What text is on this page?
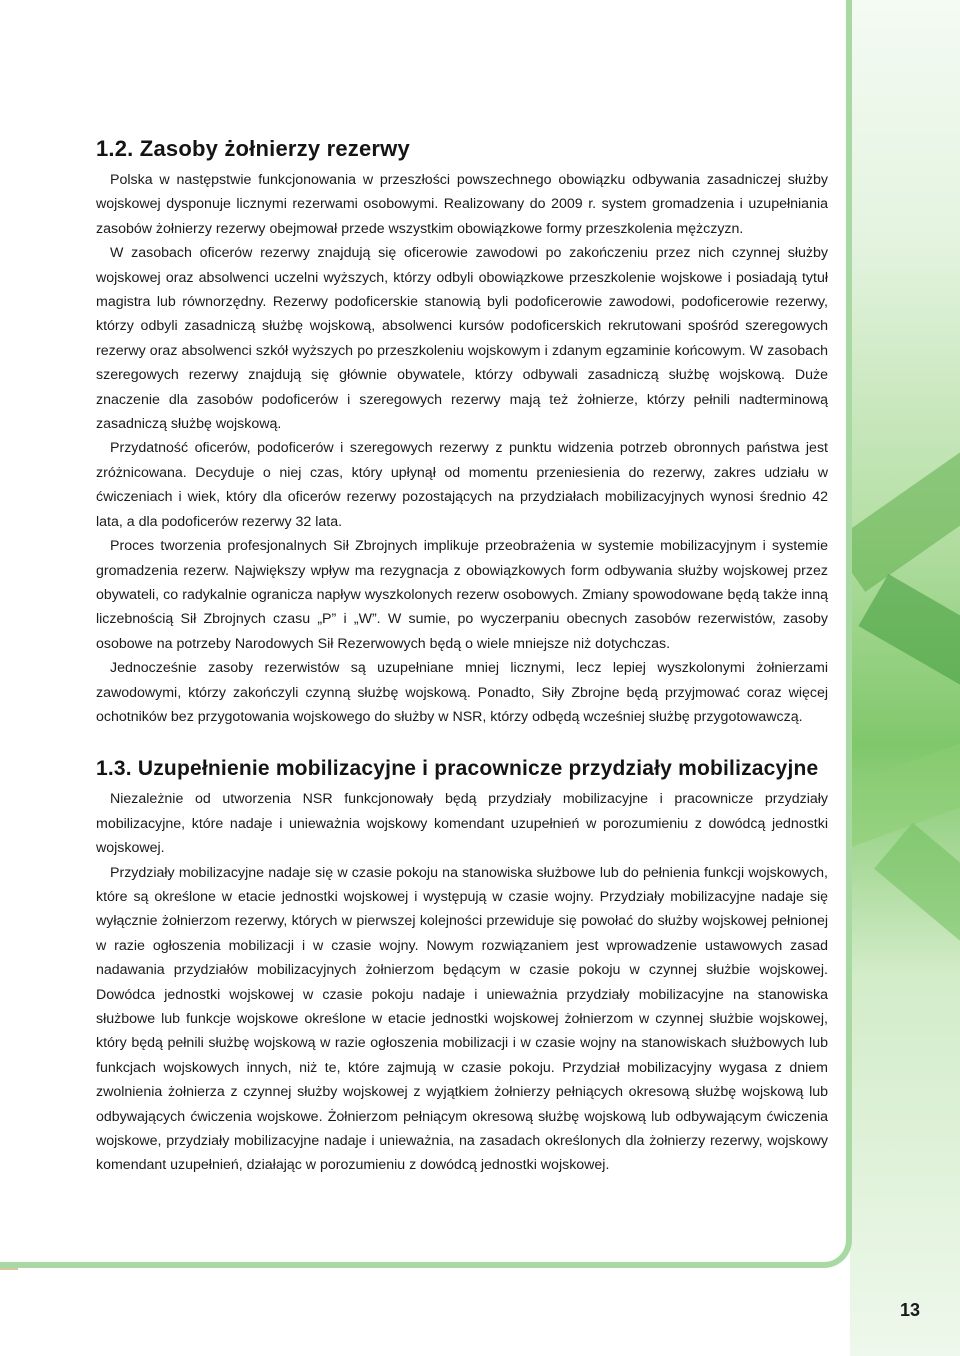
1.2. Zasoby żołnierzy rezerwy

Polska w następstwie funkcjonowania w przeszłości powszechnego obowiązku odbywania zasadniczej służby wojskowej dysponuje licznymi rezerwami osobowymi. Realizowany do 2009 r. system gromadzenia i uzupełniania zasobów żołnierzy rezerwy obejmował przede wszystkim obowiązkowe formy przeszkolenia mężczyzn.

W zasobach oficerów rezerwy znajdują się oficerowie zawodowi po zakończeniu przez nich czynnej służby wojskowej oraz absolwenci uczelni wyższych, którzy odbyli obowiązkowe przeszkolenie wojskowe i posiadają tytuł magistra lub równorzędny. Rezerwy podoficerskie stanowią byli podoficerowie zawodowi, podoficerowie rezerwy, którzy odbyli zasadniczą służbę wojskową, absolwenci kursów podoficerskich rekrutowani spośród szeregowych rezerwy oraz absolwenci szkół wyższych po przeszkoleniu wojskowym i zdanym egzaminie końcowym. W zasobach szeregowych rezerwy znajdują się głównie obywatele, którzy odbywali zasadniczą służbę wojskową. Duże znaczenie dla zasobów podoficerów i szeregowych rezerwy mają też żołnierze, którzy pełnili nadterminową zasadniczą służbę wojskową.

Przydatność oficerów, podoficerów i szeregowych rezerwy z punktu widzenia potrzeb obronnych państwa jest zróżnicowana. Decyduje o niej czas, który upłynął od momentu przeniesienia do rezerwy, zakres udziału w ćwiczeniach i wiek, który dla oficerów rezerwy pozostających na przydziałach mobilizacyjnych wynosi średnio 42 lata, a dla podoficerów rezerwy 32 lata.

Proces tworzenia profesjonalnych Sił Zbrojnych implikuje przeobrażenia w systemie mobilizacyjnym i systemie gromadzenia rezerw. Największy wpływ ma rezygnacja z obowiązkowych form odbywania służby wojskowej przez obywateli, co radykalnie ogranicza napływ wyszkolonych rezerw osobowych. Zmiany spowodowane będą także inną liczebnością Sił Zbrojnych czasu „P” i „W”. W sumie, po wyczerpaniu obecnych zasobów rezerwistów, zasoby osobowe na potrzeby Narodowych Sił Rezerwowych będą o wiele mniejsze niż dotychczas.

Jednocześnie zasoby rezerwistów są uzupełniane mniej licznymi, lecz lepiej wyszkolonymi żołnierzami zawodowymi, którzy zakończyli czynną służbę wojskową. Ponadto, Siły Zbrojne będą przyjmować coraz więcej ochotników bez przygotowania wojskowego do służby w NSR, którzy odbędą wcześniej służbę przygotowawczą.

1.3. Uzupełnienie mobilizacyjne i pracownicze przydziały mobilizacyjne

Niezależnie od utworzenia NSR funkcjonowały będą przydziały mobilizacyjne i pracownicze przydziały mobilizacyjne, które nadaje i unieważnia wojskowy komendant uzupełnień w porozumieniu z dowódcą jednostki wojskowej.

Przydziały mobilizacyjne nadaje się w czasie pokoju na stanowiska służbowe lub do pełnienia funkcji wojskowych, które są określone w etacie jednostki wojskowej i występują w czasie wojny. Przydziały mobilizacyjne nadaje się wyłącznie żołnierzom rezerwy, których w pierwszej kolejności przewiduje się powołać do służby wojskowej pełnionej w razie ogłoszenia mobilizacji i w czasie wojny. Nowym rozwiązaniem jest wprowadzenie ustawowych zasad nadawania przydziałów mobilizacyjnych żołnierzom będącym w czasie pokoju w czynnej służbie wojskowej. Dowódca jednostki wojskowej w czasie pokoju nadaje i unieważnia przydziały mobilizacyjne na stanowiska służbowe lub funkcje wojskowe określone w etacie jednostki wojskowej żołnierzom w czynnej służbie wojskowej, który będą pełnili służbę wojskową w razie ogłoszenia mobilizacji i w czasie wojny na stanowiskach służbowych lub funkcjach wojskowych innych, niż te, które zajmują w czasie pokoju. Przydział mobilizacyjny wygasa z dniem zwolnienia żołnierza z czynnej służby wojskowej z wyjątkiem żołnierzy pełniących okresową służbę wojskową lub odbywających ćwiczenia wojskowe. Żołnierzom pełniącym okresową służbę wojskową lub odbywającym ćwiczenia wojskowe, przydziały mobilizacyjne nadaje i unieważnia, na zasadach określonych dla żołnierzy rezerwy, wojskowy komendant uzupełnień, działając w porozumieniu z dowódcą jednostki wojskowej.

13
